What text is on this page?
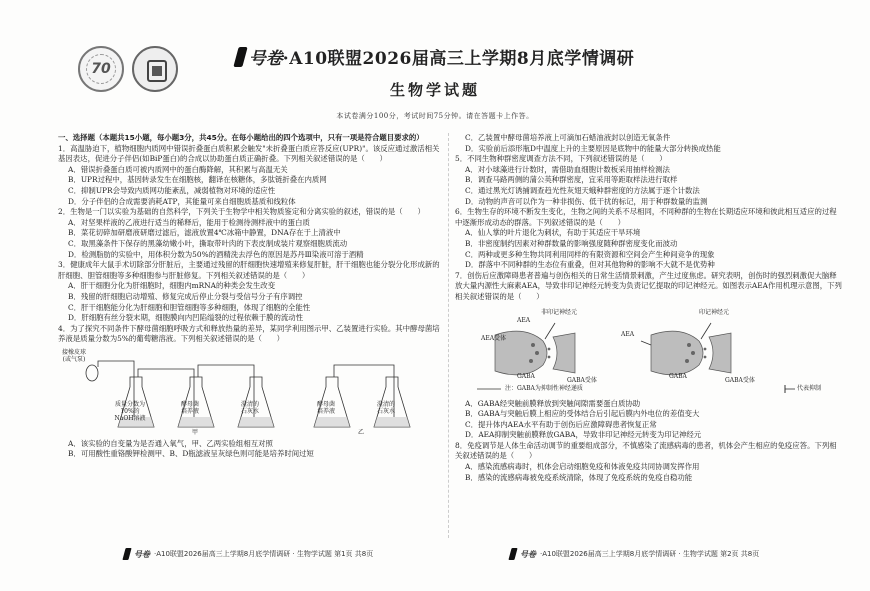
70	号卷·A10联盟2026届高三上学期8月底学情调研
生物学试题
本试卷满分100分，考试时间75分钟。请在答题卡上作答。
一、选择题（本题共15小题，每小题3分，共45分。在每小题给出的四个选项中，只有一项是符合题目要求的）
1．高温胁迫下，植物细胞内质网中错误折叠蛋白质积累会触发"未折叠蛋白质应答反应(UPR)"。该反应通过激活相关基因表达，促进分子伴侣(如BiP蛋白)的合成以协助蛋白质正确折叠。下列相关叙述错误的是（　　）
A．错误折叠蛋白质可被内质网中的蛋白酶降解，其积累与高温无关
B．UPR过程中，基因转录发生在细胞核，翻译在核糖体，多肽链折叠在内质网
C．抑制UPR会导致内质网功能紊乱，减弱植物对环境的适应性
D．分子伴侣的合成需要消耗ATP，其能量可来自细胞质基质和线粒体
2．生物是一门以实验为基础的自然科学，下列关于生物学中相关物质鉴定和分离实验的叙述，错误的是（　　）
A．对坚果样液的乙液进行适当的稀释后，能用于检测待测样液中的蛋白质
B．菜花切碎加研磨液研磨过滤后，滤液放置4℃冰箱中静置，DNA存在于上清液中
C．取黑藻条件下保存的黑藻幼嫩小叶，撕取带叶肉的下表皮制成装片观察细胞质流动
D．检测脂肪的实验中，用体积分数为50%的酒精洗去浮色的原因是苏丹Ⅲ染液可溶于酒精
3．健康成年大鼠手术切除部分肝脏后，主要通过残留的肝细胞快速增殖来修复肝脏，肝干细胞也能分裂分化形成新的肝细胞、胆管细胞等多种细胞参与肝脏修复。下列相关叙述错误的是（　　）
A．肝干细胞分化为肝细胞时，细胞内mRNA的种类会发生改变
B．残留的肝细胞启动增殖、修复完成后停止分裂与受信号分子有序调控
C．肝干细胞能分化为肝细胞和胆管细胞等多种细胞，体现了细胞的全能性
D．肝细胞有丝分裂末期，细胞膜向内凹陷缢裂的过程依赖于膜的流动性
4．为了探究不同条件下酵母菌细胞呼吸方式和释放热量的差异，某同学利用图示甲、乙装置进行实验。其中酵母菌培养液是质量分数为5%的葡萄糖溶液。下列相关叙述错误的是（　　）
接橡皮球
(或气泵)
质量分数为
10%的
NaOH溶液
酵母菌
培养液
澄清的
石灰水
酵母菌
培养液
澄清的
石灰水
甲	乙
A．该实验的自变量为是否通入氧气，甲、乙两实验组相互对照
B．可用酸性重铬酸钾检测甲、B、D瓶滤液呈灰绿色则可能是培养时间过短
C．乙装置中酵母菌培养液上可滴加石蜡油液封以创造无氧条件
D．实验前后添形瓶D中温度上升的主要原因是底物中的能量大部分转换成热能
5．不同生物种群密度调查方法不同，下列叙述错误的是（　　）
A．对小球藻进行计数时，需借助血细胞计数板采用抽样检测法
B．调查马路两侧的蒲公英种群密度，宜采用等距取样法进行取样
C．通过黑光灯诱捕调查趋光性灰翅天蛾种群密度的方法属于逐个计数法
D．动物的声音可以作为一种非损伤、低干扰的标记，用于种群数量的监测
6．生物生存的环境不断发生变化，生物之间的关系不尽相同，不同种群的生物在长期适应环境和彼此相互适应的过程中逐渐形成动态的群落。下列叙述错误的是（　　）
A．仙人掌的叶片退化为刺状，有助于其适应干旱环境
B．非密度制约因素对种群数量的影响强度随种群密度变化而波动
C．两种或更多种生物共同利用同样的有限资源和空间会产生种间竞争的现象
D．群落中不同种群的生态位有重叠，但对其他物种的影响不大就不是优势种
7．创伤后应激障碍患者普遍与创伤相关的日常生活情景刺激，产生过度焦虑。研究表明，创伤时的强烈刺激促大脑释放大量内源性大麻素AEA，导致非印记神经元转变为负责记忆提取的印记神经元。如图表示AEA作用机理示意图，下列相关叙述错误的是（　　）
AEA受体
AEA
非印记神经元
GABA
GABA受体
AEA
印记神经元
GABA
GABA受体
注：GABA为抑制性神经递质	代表抑制
A．GABA经突触前膜释放到突触间隙需要蛋白质协助
B．GABA与突触后膜上相应的受体结合后引起后膜内外电位的差值变大
C．提升体内AEA水平有助于创伤后应激障碍患者恢复正常
D．AEA抑制突触前膜释放GABA，导致非印记神经元转变为印记神经元
8．免疫调节是人体生命活动调节的重要组成部分，不慎感染了流感病毒的患者，机体会产生相应的免疫应答。下列相关叙述错误的是（　　）
A．感染流感病毒时，机体会启动细胞免疫和体液免疫共同协调发挥作用
B．感染的流感病毒被免疫系统清除，体现了免疫系统的免疫自稳功能
号卷 ·A10联盟2026届高三上学期8月底学情调研 · 生物学试题 第1页 共8页	号卷 ·A10联盟2026届高三上学期8月底学情调研 · 生物学试题 第2页 共8页
